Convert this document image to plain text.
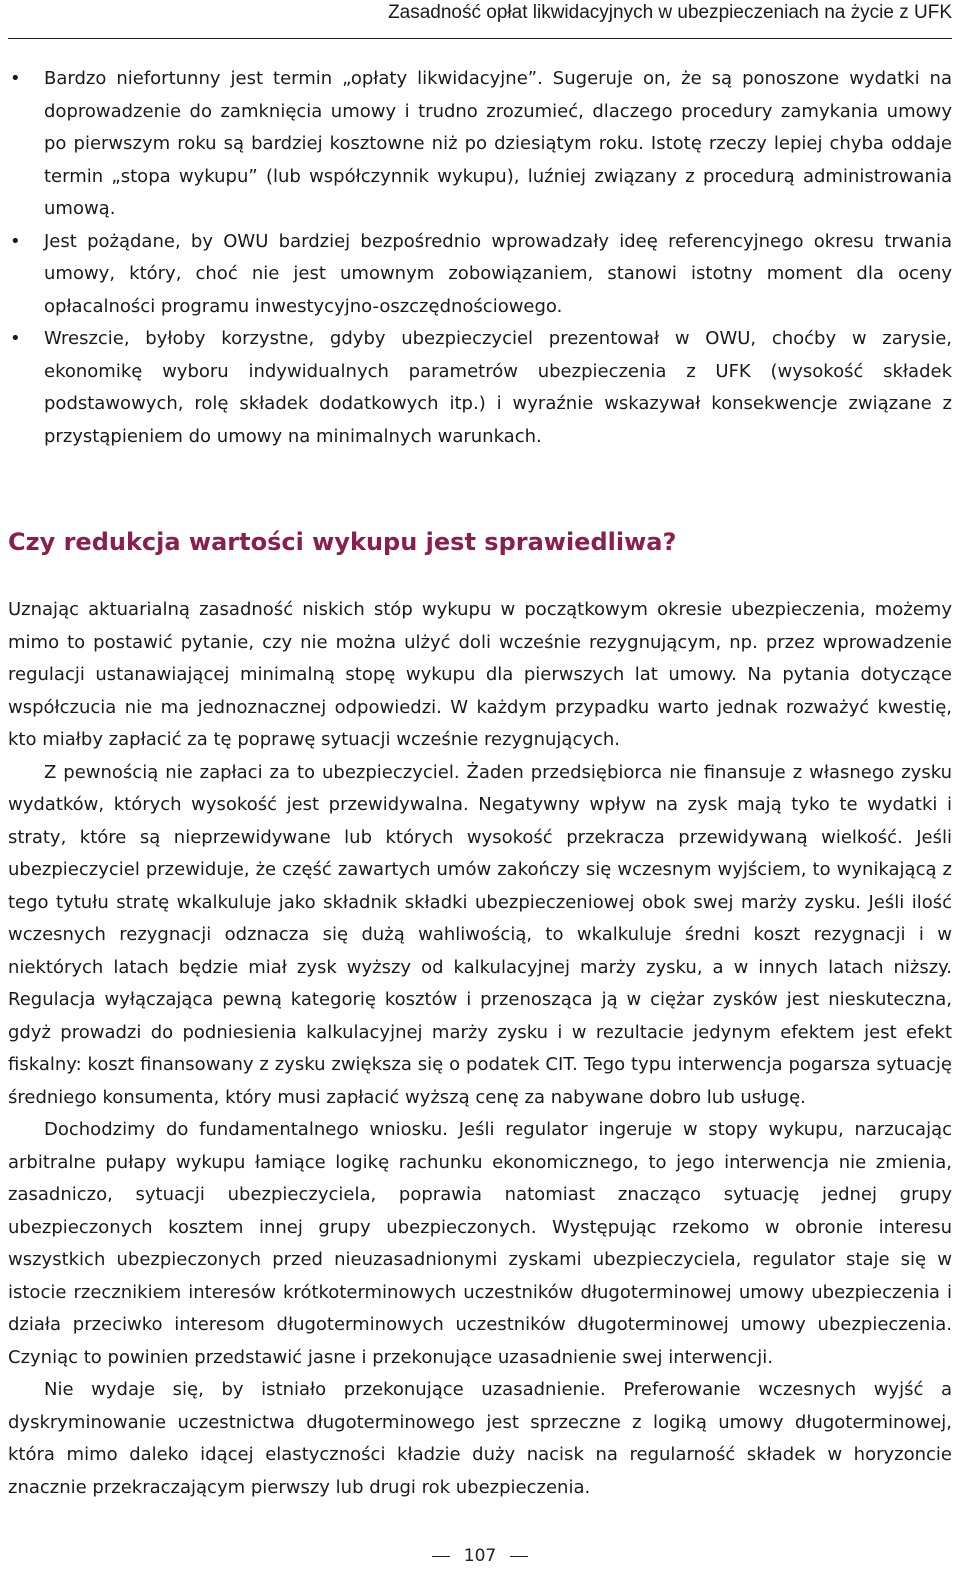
Zasadność opłat likwidacyjnych w ubezpieczeniach na życie z UFK
• Bardzo niefortunny jest termin „opłaty likwidacyjne”. Sugeruje on, że są ponoszone wydatki na doprowadzenie do zamknięcia umowy i trudno zrozumieć, dlaczego procedury zamykania umowy po pierwszym roku są bardziej kosztowne niż po dziesiątym roku. Istotę rzeczy lepiej chyba oddaje termin „stopa wykupu” (lub współczynnik wykupu), luźniej związany z procedurą administrowania umową.
• Jest pożądane, by OWU bardziej bezpośrednio wprowadzały ideę referencyjnego okresu trwania umowy, który, choć nie jest umownym zobowiązaniem, stanowi istotny moment dla oceny opłacalności programu inwestycyjno-oszczędnościowego.
• Wreszcie, byłoby korzystne, gdyby ubezpieczyciel prezentował w OWU, choćby w zarysie, ekonomikę wyboru indywidualnych parametrów ubezpieczenia z UFK (wysokość składek podstawowych, rolę składek dodatkowych itp.) i wyraźnie wskazywał konsekwencje związane z przystąpieniem do umowy na minimalnych warunkach.
Czy redukcja wartości wykupu jest sprawiedliwa?

Uznając aktuarialną zasadność niskich stóp wykupu w początkowym okresie ubezpieczenia, możemy mimo to postawić pytanie, czy nie można ulżyć doli wcześnie rezygnującym, np. przez wprowadzenie regulacji ustanawiającej minimalną stopę wykupu dla pierwszych lat umowy. Na pytania dotyczące współczucia nie ma jednoznacznej odpowiedzi. W każdym przypadku warto jednak rozważyć kwestię, kto miałby zapłacić za tę poprawę sytuacji wcześnie rezygnujących.

Z pewnością nie zapłaci za to ubezpieczyciel. Żaden przedsiębiorca nie finansuje z własnego zysku wydatków, których wysokość jest przewidywalna. Negatywny wpływ na zysk mają tyko te wydatki i straty, które są nieprzewidywane lub których wysokość przekracza przewidywaną wielkość. Jeśli ubezpieczyciel przewiduje, że część zawartych umów zakończy się wczesnym wyjściem, to wynikającą z tego tytułu stratę wkalkuluje jako składnik składki ubezpieczeniowej obok swej marży zysku. Jeśli ilość wczesnych rezygnacji odznacza się dużą wahliwością, to wkalkuluje średni koszt rezygnacji i w niektórych latach będzie miał zysk wyższy od kalkulacyjnej marży zysku, a w innych latach niższy. Regulacja wyłączająca pewną kategorię kosztów i przenosząca ją w ciężar zysków jest nieskuteczna, gdyż prowadzi do podniesienia kalkulacyjnej marży zysku i w rezultacie jedynym efektem jest efekt fiskalny: koszt finansowany z zysku zwiększa się o podatek CIT. Tego typu interwencja pogarsza sytuację średniego konsumenta, który musi zapłacić wyższą cenę za nabywane dobro lub usługę.

Dochodzimy do fundamentalnego wniosku. Jeśli regulator ingeruje w stopy wykupu, narzucając arbitralne pułapy wykupu łamiące logikę rachunku ekonomicznego, to jego interwencja nie zmienia, zasadniczo, sytuacji ubezpieczyciela, poprawia natomiast znacząco sytuację jednej grupy ubezpieczonych kosztem innej grupy ubezpieczonych. Występując rzekomo w obronie interesu wszystkich ubezpieczonych przed nieuzasadnionymi zyskami ubezpieczyciela, regulator staje się w istocie rzecznikiem interesów krótkoterminowych uczestników długoterminowej umowy ubezpieczenia i działa przeciwko interesom długoterminowych uczestników długoterminowej umowy ubezpieczenia. Czyniąc to powinien przedstawić jasne i przekonujące uzasadnienie swej interwencji.

Nie wydaje się, by istniało przekonujące uzasadnienie. Preferowanie wczesnych wyjść a dyskryminowanie uczestnictwa długoterminowego jest sprzeczne z logiką umowy długoterminowej, która mimo daleko idącej elastyczności kładzie duży nacisk na regularność składek w horyzoncie znacznie przekraczającym pierwszy lub drugi rok ubezpieczenia.

107
